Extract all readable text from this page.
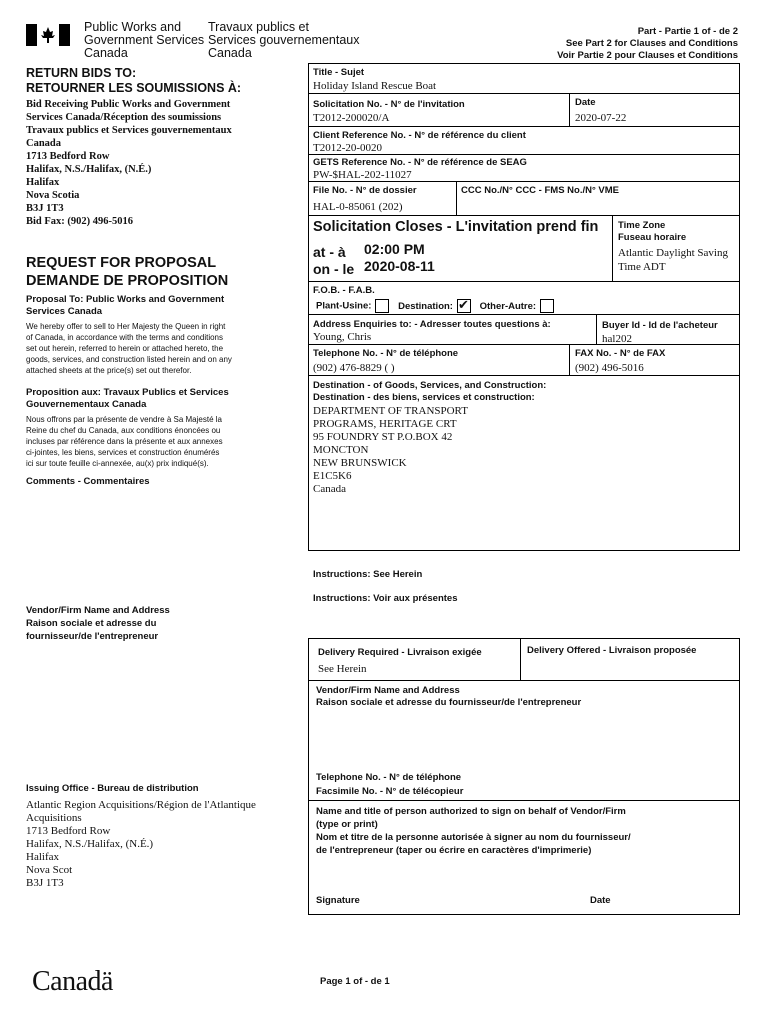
Public Works and
Government Services
Canada
Travaux publics et
Services gouvernementaux
Canada
Part - Partie 1 of - de 2
See Part 2 for Clauses and Conditions
Voir Partie 2 pour Clauses et Conditions
RETURN BIDS TO:
RETOURNER LES SOUMISSIONS À:
Bid Receiving Public Works and Government
Services Canada/Réception des soumissions
Travaux publics et Services gouvernementaux
Canada
1713 Bedford Row
Halifax, N.S./Halifax, (N.É.)
Halifax
Nova Scotia
B3J 1T3
Bid Fax: (902) 496-5016
REQUEST FOR PROPOSAL
DEMANDE DE PROPOSITION
Proposal To: Public Works and Government Services Canada
We hereby offer to sell to Her Majesty the Queen in right
of Canada, in accordance with the terms and conditions
set out herein, referred to herein or attached hereto, the
goods, services, and construction listed herein and on any
attached sheets at the price(s) set out therefor.
Proposition aux: Travaux Publics et Services Gouvernementaux Canada
Nous offrons par la présente de vendre à Sa Majesté la
Reine du chef du Canada, aux conditions énoncées ou
incluses par référence dans la présente et aux annexes
ci-jointes, les biens, services et construction énumérés
ici sur toute feuille ci-annexée, au(x) prix indiqué(s).
Comments - Commentaires
Vendor/Firm Name and Address
Raison sociale et adresse du
fournisseur/de l'entrepreneur
Issuing Office - Bureau de distribution
Atlantic Region Acquisitions/Région de l'Atlantique
Acquisitions
1713 Bedford Row
Halifax, N.S./Halifax, (N.É.)
Halifax
Nova Scot
B3J 1T3
Title - Sujet
Holiday Island Rescue Boat
Solicitation No. - N° de l'invitation
T2012-200020/A
Date
2020-07-22
Client Reference No. - N° de référence du client
T2012-20-0020
GETS Reference No. - N° de référence de SEAG
PW-$HAL-202-11027
File No. - N° de dossier
HAL-0-85061 (202)
CCC No./N° CCC - FMS No./N° VME
Solicitation Closes - L'invitation prend fin
at - à 02:00 PM
on - le 2020-08-11
Time Zone
Fuseau horaire
Atlantic Daylight Saving
Time ADT
F.O.B. - F.A.B.
Plant-Usine:	Destination:✔	Other-Autre:
Address Enquiries to: - Adresser toutes questions à:
Young, Chris
Buyer Id - Id de l'acheteur
hal202
Telephone No. - N° de téléphone
(902) 476-8829 ( )
FAX No. - N° de FAX
(902) 496-5016
Destination - of Goods, Services, and Construction:
Destination - des biens, services et construction:
DEPARTMENT OF TRANSPORT
PROGRAMS, HERITAGE CRT
95 FOUNDRY ST P.O.BOX 42
MONCTON
NEW BRUNSWICK
E1C5K6
Canada
Instructions: See Herein
Instructions: Voir aux présentes
Delivery Required - Livraison exigée
See Herein
Delivery Offered - Livraison proposée
Vendor/Firm Name and Address
Raison sociale et adresse du fournisseur/de l'entrepreneur
Telephone No. - N° de téléphone
Facsimile No. - N° de télécopieur
Name and title of person authorized to sign on behalf of Vendor/Firm
(type or print)
Nom et titre de la personne autorisée à signer au nom du fournisseur/
de l'entrepreneur (taper ou écrire en caractères d'imprimerie)
Signature	Date
Canadä	Page 1 of - de 1
